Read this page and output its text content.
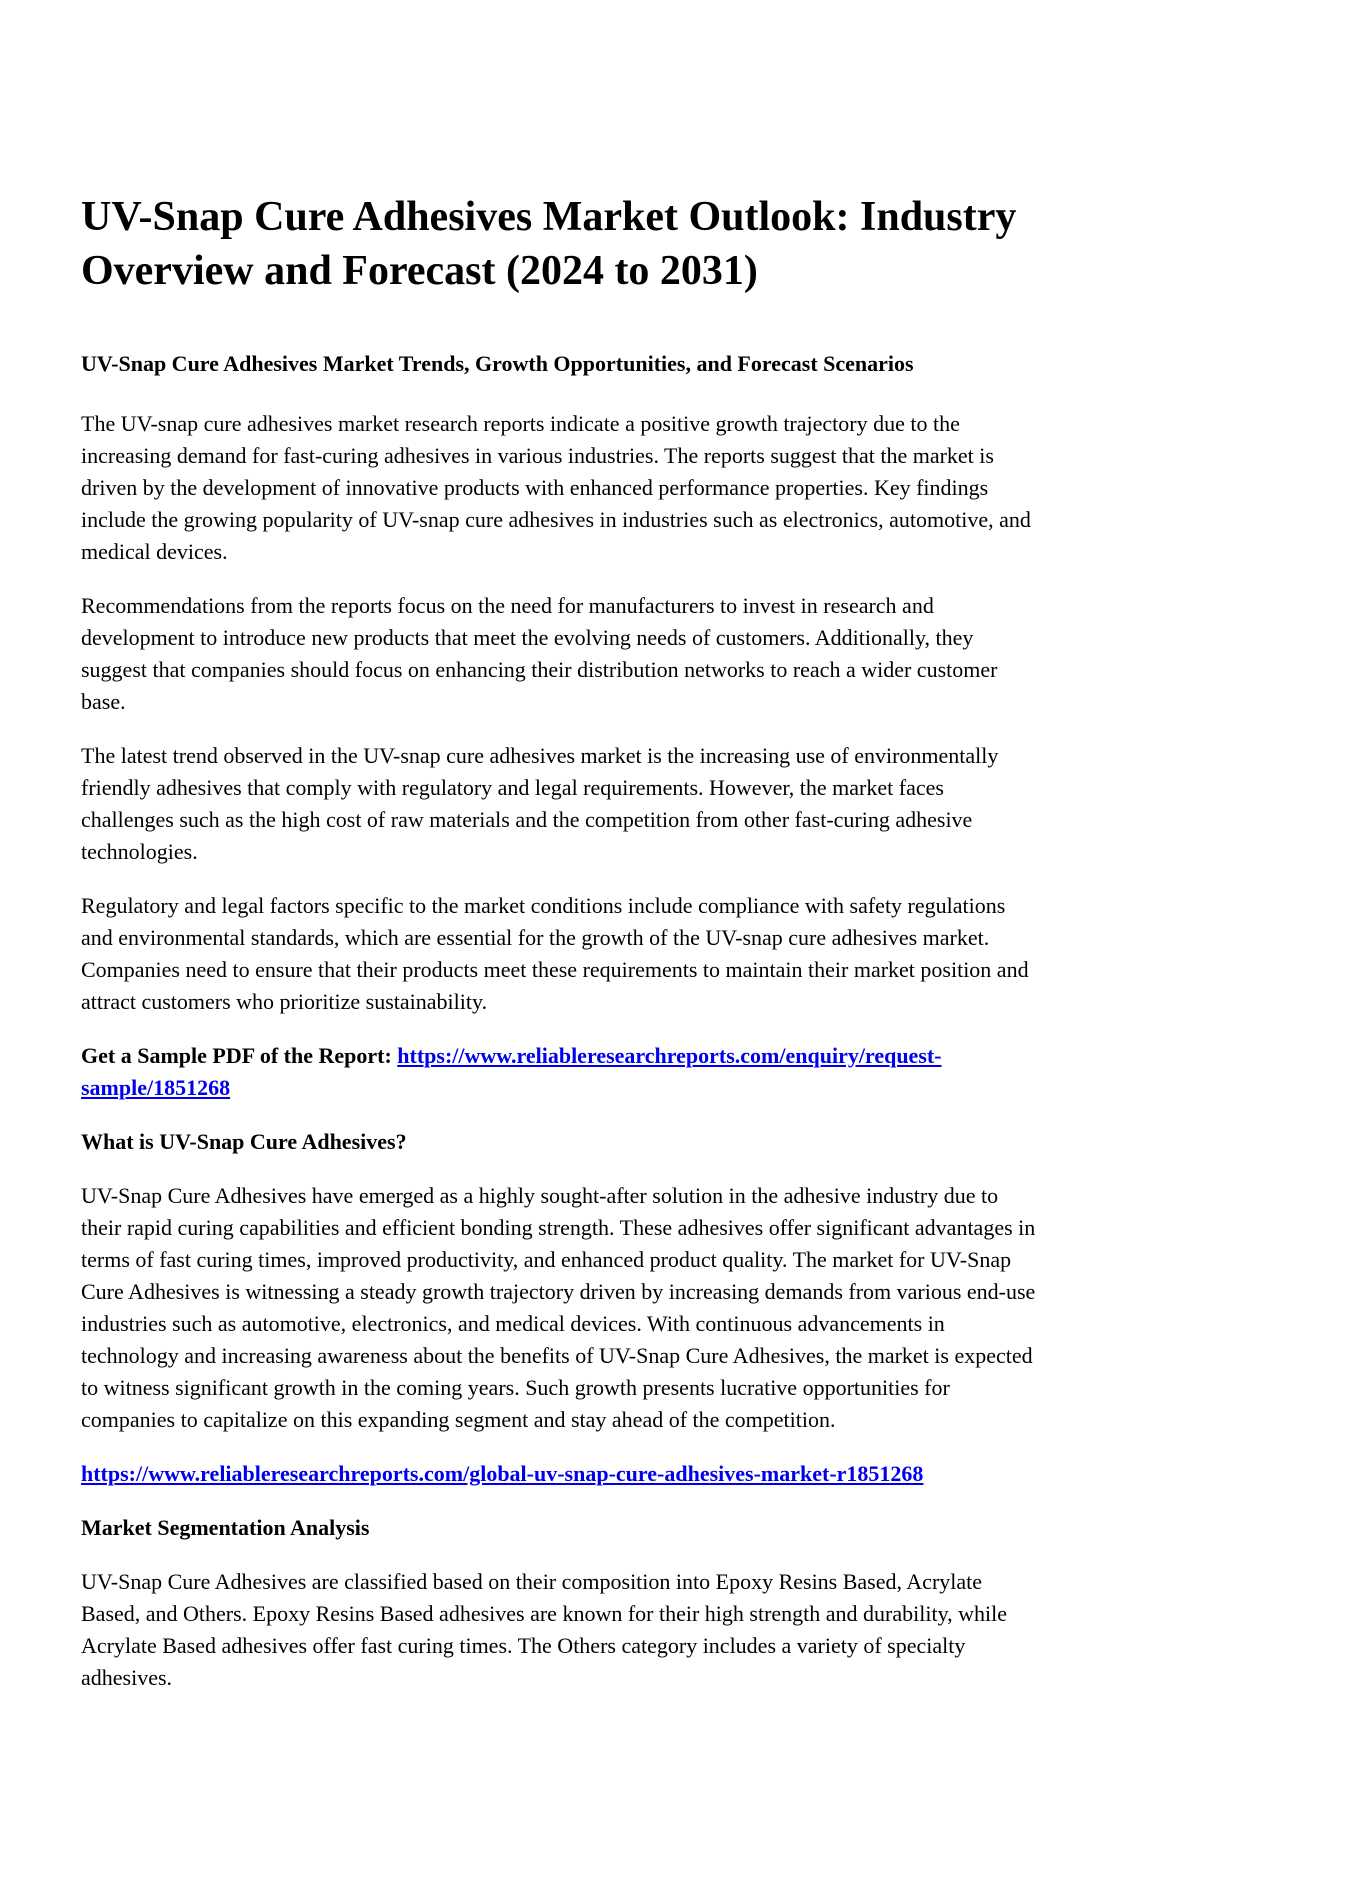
UV-Snap Cure Adhesives Market Outlook: Industry Overview and Forecast (2024 to 2031)

UV-Snap Cure Adhesives Market Trends, Growth Opportunities, and Forecast Scenarios

The UV-snap cure adhesives market research reports indicate a positive growth trajectory due to the increasing demand for fast-curing adhesives in various industries. The reports suggest that the market is driven by the development of innovative products with enhanced performance properties. Key findings include the growing popularity of UV-snap cure adhesives in industries such as electronics, automotive, and medical devices.

Recommendations from the reports focus on the need for manufacturers to invest in research and development to introduce new products that meet the evolving needs of customers. Additionally, they suggest that companies should focus on enhancing their distribution networks to reach a wider customer base.

The latest trend observed in the UV-snap cure adhesives market is the increasing use of environmentally friendly adhesives that comply with regulatory and legal requirements. However, the market faces challenges such as the high cost of raw materials and the competition from other fast-curing adhesive technologies.

Regulatory and legal factors specific to the market conditions include compliance with safety regulations and environmental standards, which are essential for the growth of the UV-snap cure adhesives market. Companies need to ensure that their products meet these requirements to maintain their market position and attract customers who prioritize sustainability.

Get a Sample PDF of the Report: https://www.reliableresearchreports.com/enquiry/request-sample/1851268

What is UV-Snap Cure Adhesives?

UV-Snap Cure Adhesives have emerged as a highly sought-after solution in the adhesive industry due to their rapid curing capabilities and efficient bonding strength. These adhesives offer significant advantages in terms of fast curing times, improved productivity, and enhanced product quality. The market for UV-Snap Cure Adhesives is witnessing a steady growth trajectory driven by increasing demands from various end-use industries such as automotive, electronics, and medical devices. With continuous advancements in technology and increasing awareness about the benefits of UV-Snap Cure Adhesives, the market is expected to witness significant growth in the coming years. Such growth presents lucrative opportunities for companies to capitalize on this expanding segment and stay ahead of the competition.

https://www.reliableresearchreports.com/global-uv-snap-cure-adhesives-market-r1851268

Market Segmentation Analysis

UV-Snap Cure Adhesives are classified based on their composition into Epoxy Resins Based, Acrylate Based, and Others. Epoxy Resins Based adhesives are known for their high strength and durability, while Acrylate Based adhesives offer fast curing times. The Others category includes a variety of specialty adhesives.
